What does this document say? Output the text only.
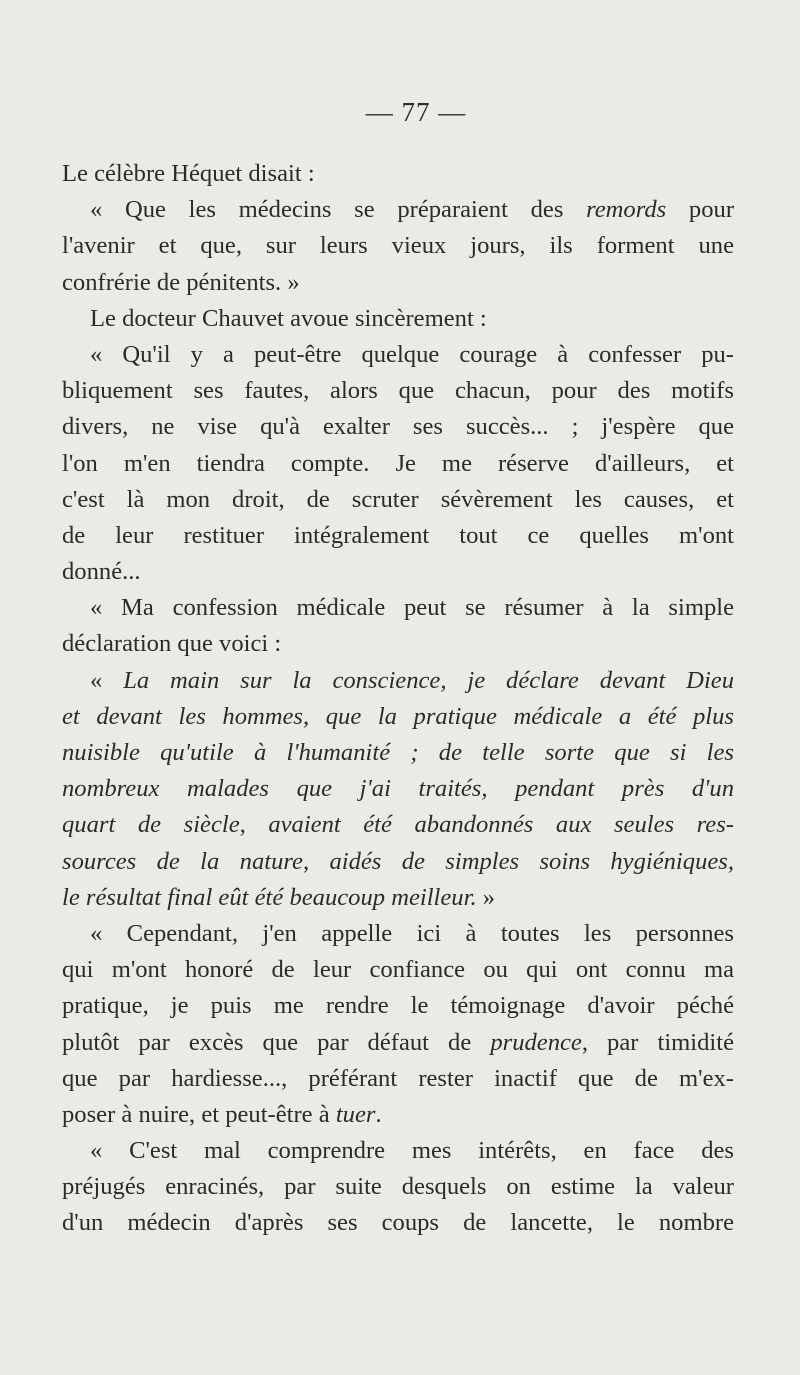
— 77 —
Le célèbre Héquet disait :
« Que les médecins se préparaient des remords pour
l'avenir et que, sur leurs vieux jours, ils forment une
confrérie de pénitents. »
Le docteur Chauvet avoue sincèrement :
« Qu'il y a peut-être quelque courage à confesser pu-
bliquement ses fautes, alors que chacun, pour des motifs
divers, ne vise qu'à exalter ses succès... ; j'espère que
l'on m'en tiendra compte. Je me réserve d'ailleurs, et
c'est là mon droit, de scruter sévèrement les causes, et
de leur restituer intégralement tout ce quelles m'ont
donné...
« Ma confession médicale peut se résumer à la simple
déclaration que voici :
« La main sur la conscience, je déclare devant Dieu
et devant les hommes, que la pratique médicale a été plus
nuisible qu'utile à l'humanité ; de telle sorte que si les
nombreux malades que j'ai traités, pendant près d'un
quart de siècle, avaient été abandonnés aux seules res-
sources de la nature, aidés de simples soins hygiéniques,
le résultat final eût été beaucoup meilleur. »
« Cependant, j'en appelle ici à toutes les personnes
qui m'ont honoré de leur confiance ou qui ont connu ma
pratique, je puis me rendre le témoignage d'avoir péché
plutôt par excès que par défaut de prudence, par timidité
que par hardiesse..., préférant rester inactif que de m'ex-
poser à nuire, et peut-être à tuer.
« C'est mal comprendre mes intérêts, en face des
préjugés enracinés, par suite desquels on estime la valeur
d'un médecin d'après ses coups de lancette, le nombre
